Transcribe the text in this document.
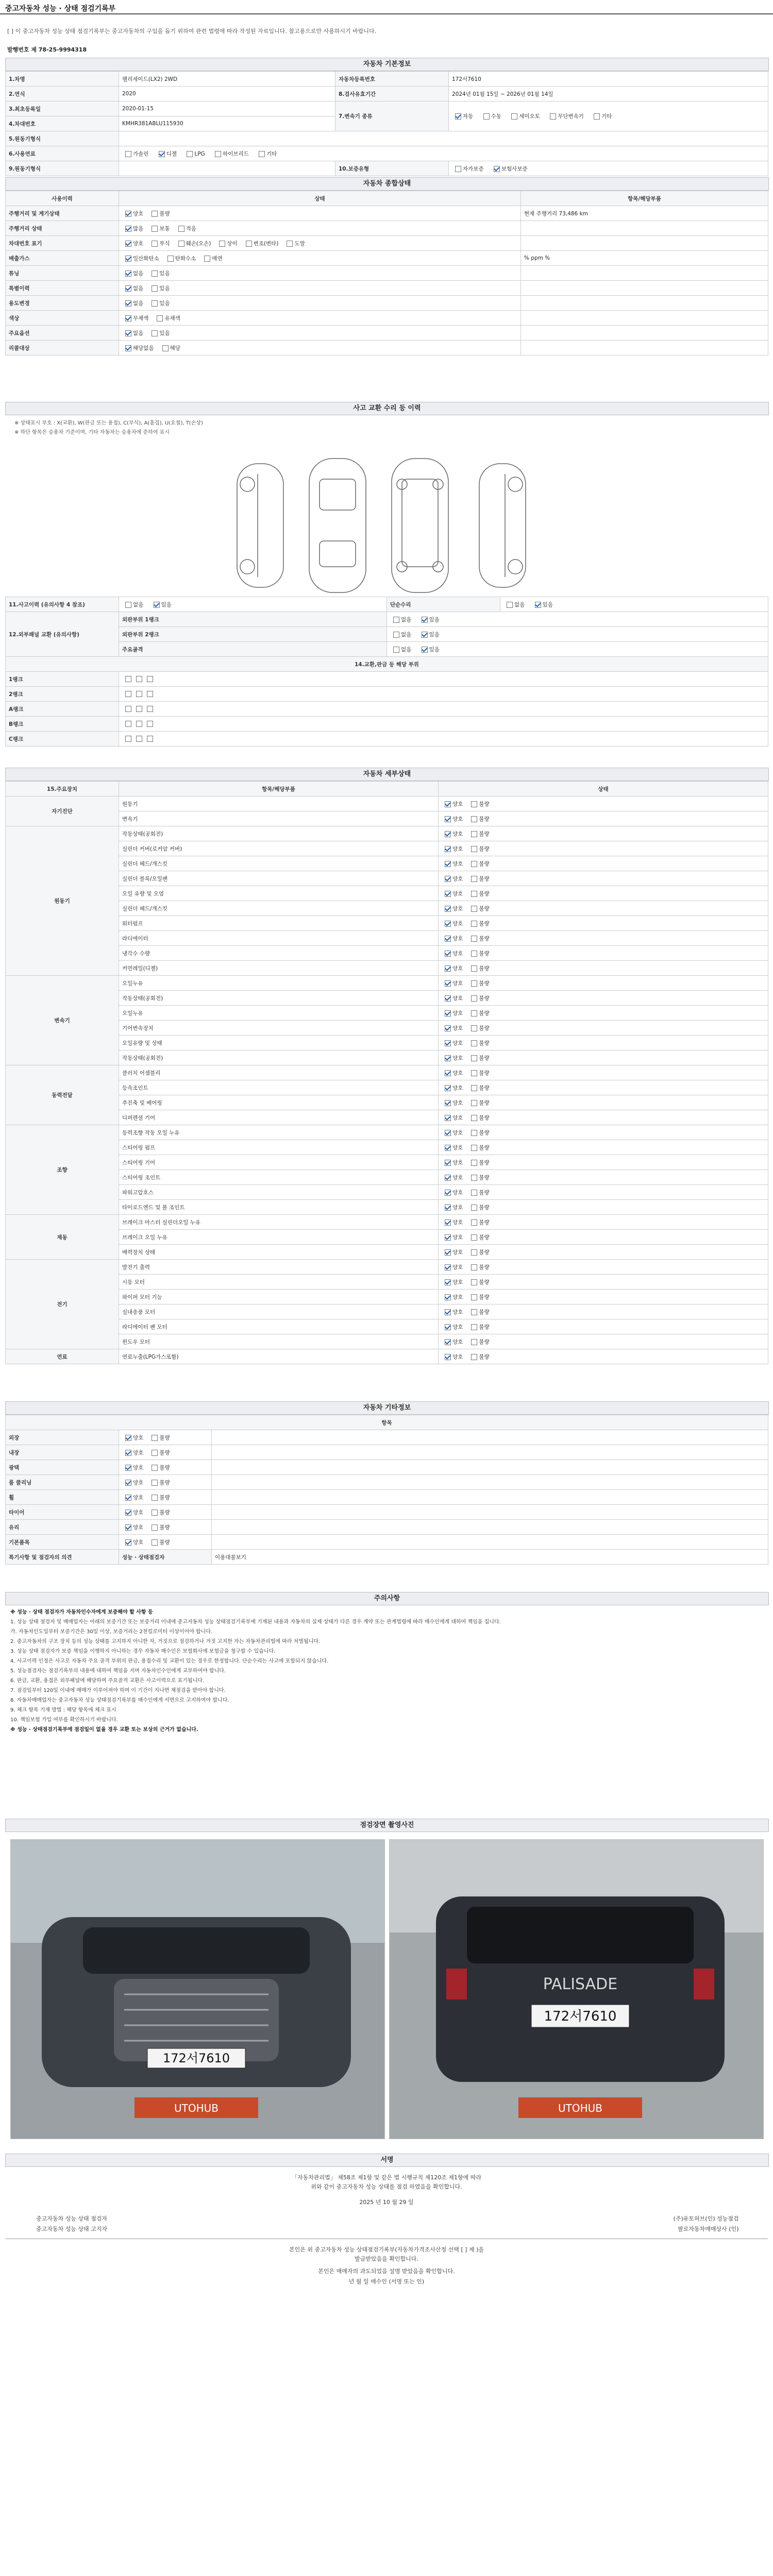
중고자동차 성능 · 상태 점검기록부
[ ] 이 중고자동차 성능 상태 점검기록부는 중고자동차의 구입을 돕기 위하여 관련 법령에 따라 작성된 자료입니다. 참고용으로만 사용하시기 바랍니다.
발행번호 제 78-25-9994318
자동차 기본정보
1.차명	팰리세이드(LX2) 2WD	자동차등록번호	172서7610
2.연식	2020	8.검사유효기간	2024년 01월 15일 ~ 2026년 01월 14일
3.최초등록일	2020-01-15	7.변속기 종류	자동 수동 세미오토 무단변속기 기타
4.차대번호	KMHR381ABLU115930		
5.원동기형식			
6.사용연료	가솔린 디젤 LPG 하이브리드 기타		
9.원동기형식		10.보증유형	자가보증 보험사보증
자동차 종합상태
사용이력	상태	항목/해당부품
주행거리 및 계기상태	양호 불량	현재 주행거리 73,486 km
주행거리 상태	많음 보통 적음	
차대번호 표기	양호 부식 훼손(오손) 상이 변조(변타) 도말	
배출가스	일산화탄소 탄화수소 매연	% ppm %
튜닝	없음 있음	
특별이력	없음 있음	
용도변경	없음 있음	
색상	무채색 유채색	
주요옵션	없음 있음	
리콜대상	해당없음 해당	
사고 교환 수리 등 이력
※ 상태표시 부호 : X(교환), W(판금 또는 용접), C(부식), A(흠집), U(요철), T(손상)
※ 하단 항목은 승용차 기준이며, 기타 자동차는 승용차에 준하여 표시
11.사고이력 (유의사항 4 참조)	없음 있음	단순수리	없음 있음
12.외부패널 교환 (유의사항)	외판부위 1랭크	없음 있음	
	외판부위 2랭크	없음 있음	
	주요골격	없음 있음	
14.교환,판금 등 해당 부위			
1랭크			
2랭크			
A랭크			
B랭크			
C랭크			
자동차 세부상태
15.주요장치	항목/해당부품	상태
자기진단	원동기	양호 불량
	변속기	양호 불량
원동기	작동상태(공회전)	양호 불량
	실린더 커버(로커암 커버)	양호 불량
	실린더 헤드/개스킷	양호 불량
	실린더 블록/오일팬	양호 불량
	오일 유량 및 오염	양호 불량
	실린더 헤드/개스킷	양호 불량
	워터펌프	양호 불량
	라디에이터	양호 불량
	냉각수 수량	양호 불량
	커먼레일(디젤)	양호 불량
변속기	오일누유	양호 불량
	작동상태(공회전)	양호 불량
	오일누유	양호 불량
	기어변속장치	양호 불량
	오일유량 및 상태	양호 불량
	작동상태(공회전)	양호 불량
동력전달	클러치 어셈블리	양호 불량
	등속조인트	양호 불량
	추진축 및 베어링	양호 불량
	디퍼렌셜 기어	양호 불량
조향	동력조향 작동 오일 누유	양호 불량
	스티어링 펌프	양호 불량
	스티어링 기어	양호 불량
	스티어링 조인트	양호 불량
	파워고압호스	양호 불량
	타이로드엔드 및 볼 조인트	양호 불량
제동	브레이크 마스터 실린더오일 누유	양호 불량
	브레이크 오일 누유	양호 불량
	배력장치 상태	양호 불량
전기	발전기 출력	양호 불량
	시동 모터	양호 불량
	와이퍼 모터 기능	양호 불량
	실내송풍 모터	양호 불량
	라디에이터 팬 모터	양호 불량
	윈도우 모터	양호 불량
연료	연료누출(LPG가스포함)	양호 불량
자동차 기타정보
항목		
외장	양호 불량	
내장	양호 불량	
광택	양호 불량	
룸 클리닝	양호 불량	
휠	양호 불량	
타이어	양호 불량	
유리	양호 불량	
기본품목	양호 불량	
특기사항 및 점검자의 의견	성능 · 상태점검자	이용대물보기
주의사항

※ 성능 · 상태 점검자가 자동차인수자에게 보증해야 할 사항 등

1. 성능 상태 점검자 및 매매업자는 아래의 보증기간 또는 보증거리 이내에 중고자동차 성능 상태점검기록부에 기재된 내용과 자동차의 실제 상태가 다른 경우 계약 또는 관계법령에 따라 매수인에게 대하여 책임을 집니다.

가. 자동차인도일부터 보증기간은 30일 이상, 보증거리는 2천킬로미터 이상이어야 합니다.

2. 중고자동차의 구조 장치 등의 성능 상태를 고지하지 아니한 자, 거짓으로 점검하거나 거짓 고지한 자는 자동차관리법에 따라 처벌됩니다.

3. 성능 상태 점검자가 보증 책임을 이행하지 아니하는 경우 자동차 매수인은 보험회사에 보험금을 청구할 수 있습니다.

4. 사고이력 인정은 사고로 자동차 주요 골격 부위의 판금, 용접수리 및 교환이 있는 경우로 한정합니다. 단순수리는 사고에 포함되지 않습니다.

5. 성능점검자는 점검기록부의 내용에 대하여 책임을 지며 자동차인수인에게 교부하여야 합니다.

6. 판금, 교환, 용접은 외부패널에 해당하며 주요골격 교환은 사고이력으로 표기됩니다.

7. 점검일부터 120일 이내에 매매가 이루어져야 하며 이 기간이 지나면 재점검을 받아야 합니다.

8. 자동차매매업자는 중고자동차 성능 상태점검기록부를 매수인에게 서면으로 고지하여야 합니다.

9. 체크 항목 기재 방법 : 해당 항목에 체크 표시

10. 책임보험 가입 여부를 확인하시기 바랍니다.

※ 성능 · 상태점검기록부에 점검일이 없을 경우 교환 또는 보상의 근거가 없습니다.

점검장면 촬영사진
172서7610
UTOHUB
PALISADE
172서7610
UTOHUB
서명
「자동차관리법」 제58조 제1항 및 같은 법 시행규칙 제120조 제1항에 따라
위와 같이 중고자동차 성능 상태를 점검 하였음을 확인합니다.
2025 년 10 월 29 일
중고자동차 성능 상태 점검자	(주)유토허브(인) 성능점검
중고자동차 성능 상태 고지자	팔로자동차매매상사 (인)
본인은 위 중고자동차 성능 상태점검기록부(자동차가격조사산정 선택 [ ] 제 )을
발급받았음을 확인합니다.
본인은 매매자의 과도되었음 설명 받았음을 확인합니다.
년 월 일 매수인 (서명 또는 인)
